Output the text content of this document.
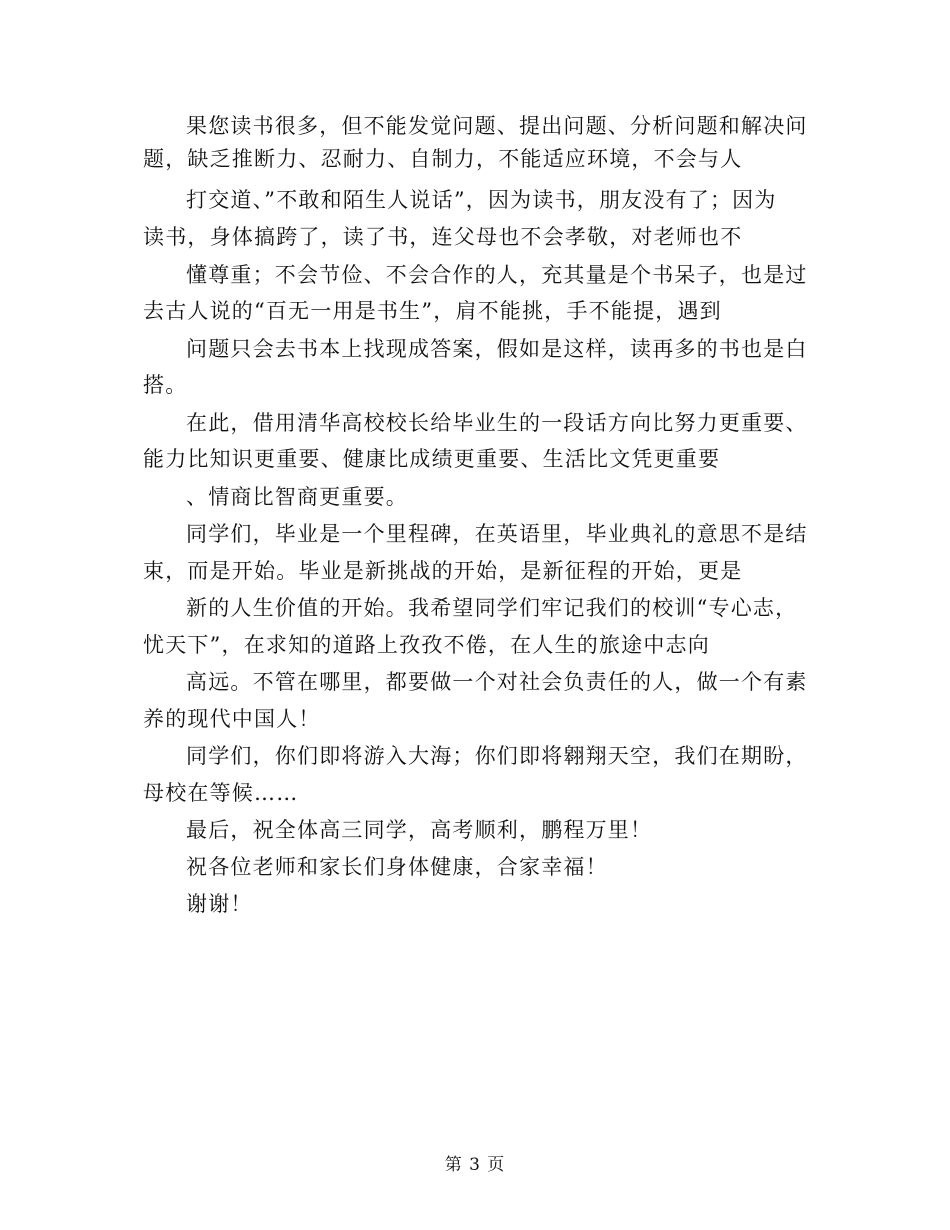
果您读书很多，但不能发觉问题、提出问题、分析问题和解决问
题，缺乏推断力、忍耐力、自制力，不能适应环境，不会与人
打交道、”不敢和陌生人说话”，因为读书，朋友没有了；因为
读书，身体搞跨了，读了书，连父母也不会孝敬，对老师也不
懂尊重；不会节俭、不会合作的人，充其量是个书呆子，也是过
去古人说的“百无一用是书生”，肩不能挑，手不能提，遇到
问题只会去书本上找现成答案，假如是这样，读再多的书也是白
搭。
在此，借用清华高校校长给毕业生的一段话方向比努力更重要、
能力比知识更重要、健康比成绩更重要、生活比文凭更重要
、情商比智商更重要。
同学们，毕业是一个里程碑，在英语里，毕业典礼的意思不是结
束，而是开始。毕业是新挑战的开始，是新征程的开始，更是
新的人生价值的开始。我希望同学们牢记我们的校训“专心志，
忧天下”，在求知的道路上孜孜不倦，在人生的旅途中志向
高远。不管在哪里，都要做一个对社会负责任的人，做一个有素
养的现代中国人！
同学们，你们即将游入大海；你们即将翱翔天空，我们在期盼，
母校在等候……
最后，祝全体高三同学，高考顺利，鹏程万里！
祝各位老师和家长们身体健康，合家幸福！
谢谢！
第 3 页
